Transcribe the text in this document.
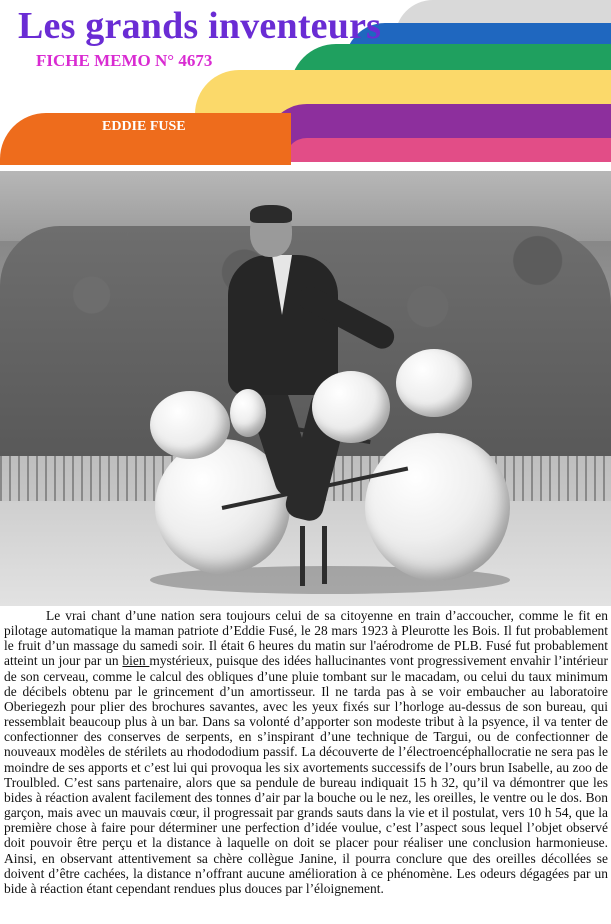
Les grands inventeurs
FICHE MEMO N° 4673
EDDIE FUSE

Le vrai chant d’une nation sera toujours celui de sa citoyenne en train d’accoucher, comme le fit en pilotage automatique la maman patriote d’Eddie Fusé, le 28 mars 1923 à Pleurotte les Bois. Il fut probablement le fruit d’un massage du samedi soir. Il était 6 heures du matin sur l'aérodrome de PLB. Fusé fut probablement atteint un jour par un bien mystérieux, puisque des idées hallucinantes vont progressivement envahir l’intérieur de son cerveau, comme le calcul des obliques d’une pluie tombant sur le macadam, ou celui du taux minimum de décibels obtenu par le grincement d’un amortisseur. Il ne tarda pas à se voir embaucher au laboratoire Oberiegezh pour plier des brochures savantes, avec les yeux fixés sur l’horloge au-dessus de son bureau, qui ressemblait beaucoup plus à un bar. Dans sa volonté d’apporter son modeste tribut à la psyence, il va tenter de confectionner des conserves de serpents, en s’inspirant d’une technique de Targui, ou de confectionner de nouveaux modèles de stérilets au rhodododium passif. La découverte de l’électroencéphallocratie ne sera pas le moindre de ses apports et c’est lui qui provoqua les six avortements successifs de l’ours brun Isabelle, au zoo de Troulbled. C’est sans partenaire, alors que sa pendule de bureau indiquait 15 h 32, qu’il va démontrer que les bides à réaction avalent facilement des tonnes d’air par la bouche ou le nez, les oreilles, le ventre ou le dos. Bon garçon, mais avec un mauvais cœur, il progressait par grands sauts dans la vie et il postulat, vers 10 h 54, que la première chose à faire pour déterminer une perfection d’idée voulue, c’est l’aspect sous lequel l’objet observé doit pouvoir être perçu et la distance à laquelle on doit se placer pour réaliser une conclusion harmonieuse. Ainsi, en observant attentivement sa chère collègue Janine, il pourra conclure que des oreilles décollées se doivent d’être cachées, la distance n’offrant aucune amélioration à ce phénomène. Les odeurs dégagées par un bide à réaction étant cependant rendues plus douces par l’éloignement.
